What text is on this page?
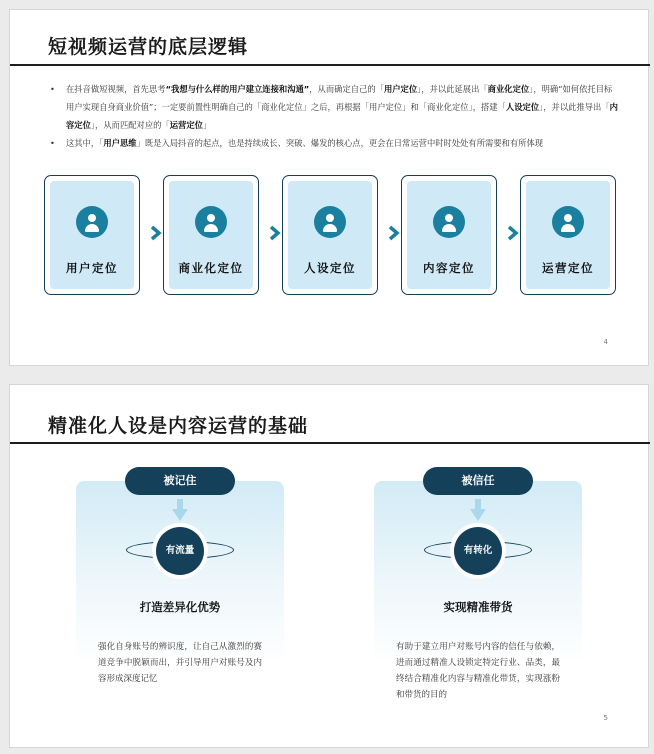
短视频运营的底层逻辑
• 在抖音做短视频，首先思考“我想与什么样的用户建立连接和沟通”，从而确定自己的「用户定位」，并以此延展出「商业化定位」，明确“如何依托目标用户实现自身商业价值”；一定要前置性明确自己的「商业化定位」之后，再根据「用户定位」和「商业化定位」，搭建「人设定位」，并以此推导出「内容定位」，从而匹配对应的「运营定位」
• 这其中，「用户思维」既是入局抖音的起点，也是持续成长、突破、爆发的核心点，更会在日常运营中时时处处有所需要和有所体现
用户定位	商业化定位	人设定位	内容定位	运营定位
4
精准化人设是内容运营的基础
被记住
有流量
打造差异化优势
强化自身账号的辨识度，让自己从激烈的赛道竞争中脱颖而出，并引导用户对账号及内容形成深度记忆
被信任
有转化
实现精准带货
有助于建立用户对账号内容的信任与依赖，进而通过精准人设锁定特定行业、品类，最终结合精准化内容与精准化带货，实现涨粉和带货的目的
5
